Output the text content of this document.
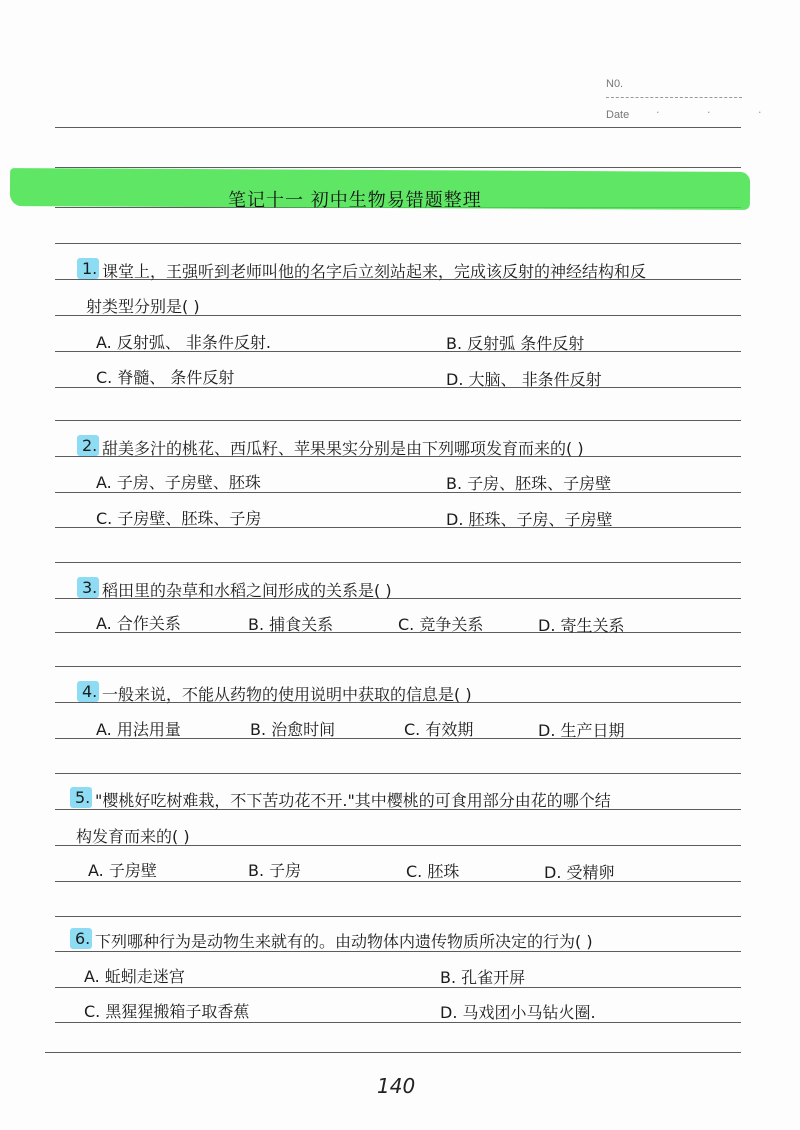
N0.
Date · · ·
笔记十一 初中生物易错题整理
1. 课堂上，王强听到老师叫他的名字后立刻站起来，完成该反射的神经结构和反
射类型分别是( )
A. 反射弧、 非条件反射.	B. 反射弧 条件反射
C. 脊髓、 条件反射	D. 大脑、 非条件反射
2. 甜美多汁的桃花、西瓜籽、苹果果实分别是由下列哪项发育而来的( )
A. 子房、子房壁、胚珠	B. 子房、胚珠、子房壁
C. 子房壁、胚珠、子房	D. 胚珠、子房、子房壁
3. 稻田里的杂草和水稻之间形成的关系是( )
A. 合作关系	B. 捕食关系	C. 竞争关系	D. 寄生关系
4. 一般来说，不能从药物的使用说明中获取的信息是( )
A. 用法用量	B. 治愈时间	C. 有效期	D. 生产日期
5. "樱桃好吃树难栽，不下苦功花不开."其中樱桃的可食用部分由花的哪个结
构发育而来的( )
A. 子房壁	B. 子房	C. 胚珠	D. 受精卵
6. 下列哪种行为是动物生来就有的。由动物体内遗传物质所决定的行为( )
A. 蚯蚓走迷宫	B. 孔雀开屏
C. 黑猩猩搬箱子取香蕉	D. 马戏团小马钻火圈.
140
